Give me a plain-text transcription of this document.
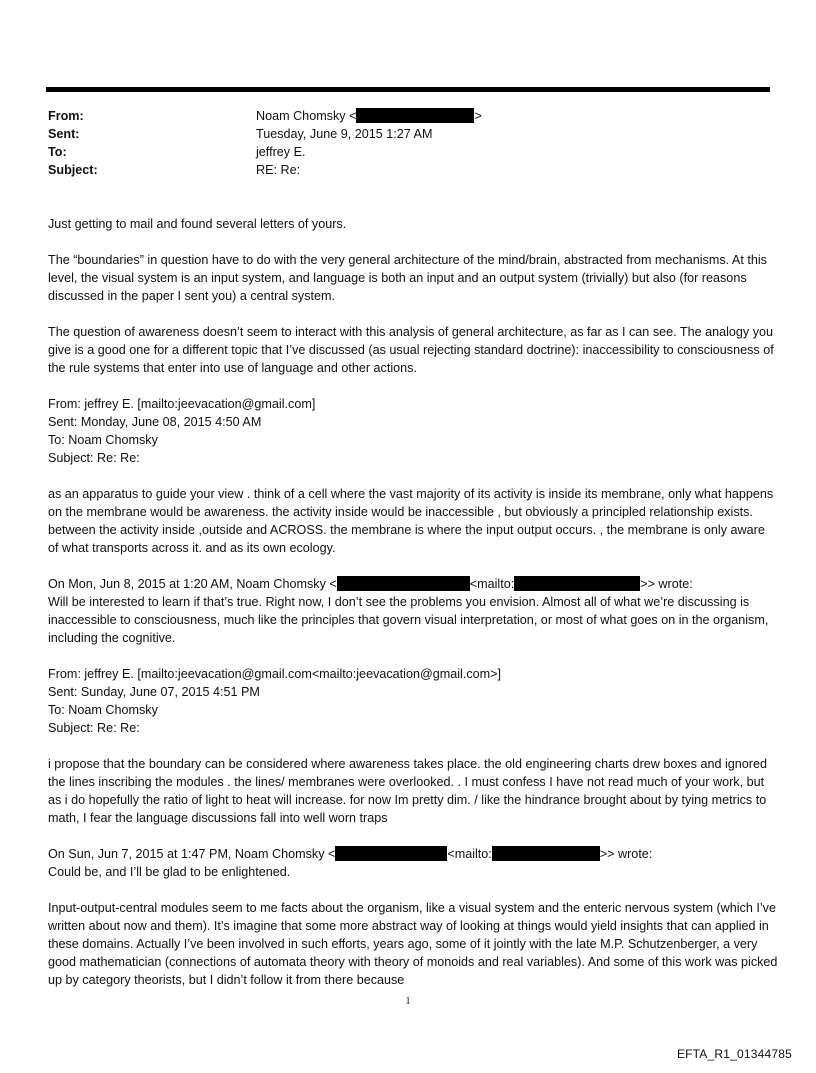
From:	Noam Chomsky <	>
Sent:	Tuesday, June 9, 2015 1:27 AM
To:	jeffrey E.
Subject:	RE: Re:

Just getting to mail and found several letters of yours.

The “boundaries” in question have to do with the very general architecture of the mind/brain, abstracted from mechanisms. At this level, the visual system is an input system, and language is both an input and an output system (trivially) but also (for reasons discussed in the paper I sent you) a central system.

The question of awareness doesn’t seem to interact with this analysis of general architecture, as far as I can see. The analogy you give is a good one for a different topic that I’ve discussed (as usual rejecting standard doctrine): inaccessibility to consciousness of the rule systems that enter into use of language and other actions.

From: jeffrey E. [mailto:jeevacation@gmail.com]

Sent: Monday, June 08, 2015 4:50 AM

To: Noam Chomsky

Subject: Re: Re:

as an apparatus to guide your view . think of a cell where the vast majority of its activity is inside its membrane, only what happens on the membrane would be awareness. the activity inside would be inaccessible , but obviously a principled relationship exists. between the activity inside ,outside and ACROSS. the membrane is where the input output occurs. , the membrane is only aware of what transports across it. and as its own ecology.

On Mon, Jun 8, 2015 at 1:20 AM, Noam Chomsky <	<mailto:	>> wrote:

Will be interested to learn if that’s true. Right now, I don’t see the problems you envision. Almost all of what we’re discussing is inaccessible to consciousness, much like the principles that govern visual interpretation, or most of what goes on in the organism, including the cognitive.

From: jeffrey E. [mailto:jeevacation@gmail.com<mailto:jeevacation@gmail.com>]

Sent: Sunday, June 07, 2015 4:51 PM

To: Noam Chomsky

Subject: Re: Re:

i propose that the boundary can be considered where awareness takes place. the old engineering charts drew boxes and ignored the lines inscribing the modules . the lines/ membranes were overlooked. . I must confess I have not read much of your work, but as i do hopefully the ratio of light to heat will increase. for now Im pretty dim. / like the hindrance brought about by tying metrics to math, I fear the language discussions fall into well worn traps

On Sun, Jun 7, 2015 at 1:47 PM, Noam Chomsky <	<mailto:	>> wrote:

Could be, and I’ll be glad to be enlightened.

Input-output-central modules seem to me facts about the organism, like a visual system and the enteric nervous system (which I’ve written about now and them). It’s imagine that some more abstract way of looking at things would yield insights that can applied in these domains. Actually I’ve been involved in such efforts, years ago, some of it jointly with the late M.P. Schutzenberger, a very good mathematician (connections of automata theory with theory of monoids and real variables). And some of this work was picked up by category theorists, but I didn’t follow it from there because

1
EFTA_R1_01344785
